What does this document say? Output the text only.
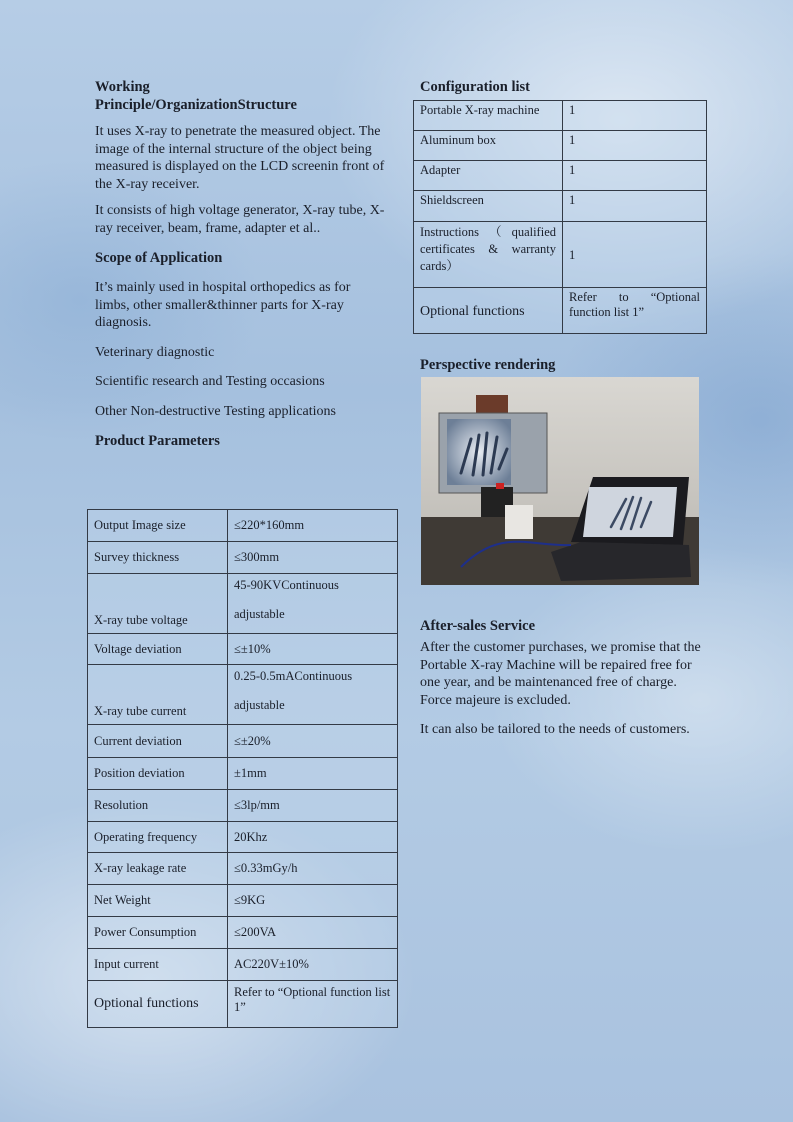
Working
Principle/OrganizationStructure

It uses X-ray to penetrate the measured object. The image of the internal structure of the object being measured is displayed on the LCD screenin front of the X-ray receiver.

It consists of high voltage generator, X-ray tube, X-ray receiver, beam, frame, adapter et al..

Scope of Application

It’s mainly used in hospital orthopedics as for limbs, other smaller&thinner parts for X-ray diagnosis.

Veterinary diagnostic

Scientific research and Testing occasions

Other Non-destructive Testing applications

Product Parameters
Output Image size	≤220*160mm
Survey thickness	≤300mm
X-ray tube voltage	45-90KVContinuous
adjustable

Voltage deviation	≤±10%
X-ray tube current	0.25-0.5mAContinuous
adjustable

Current deviation	≤±20%
Position deviation	±1mm
Resolution	≤3lp/mm
Operating frequency	20Khz
X-ray leakage rate	≤0.33mGy/h
Net Weight	≤9KG
Power Consumption	≤200VA
Input current	AC220V±10%
Optional functions	Refer to “Optional function list 1”
Configuration list
Portable X-ray machine	1
Aluminum box	1
Adapter	1
Shieldscreen	1
Instructions（qualified certificates & warranty cards）	1
Optional functions	Refer to “Optional function list 1”
Perspective rendering
After-sales Service

After the customer purchases, we promise that the Portable X-ray Machine will be repaired free for one year, and be maintenanced free of charge. Force majeure is excluded.

It can also be tailored to the needs of customers.
